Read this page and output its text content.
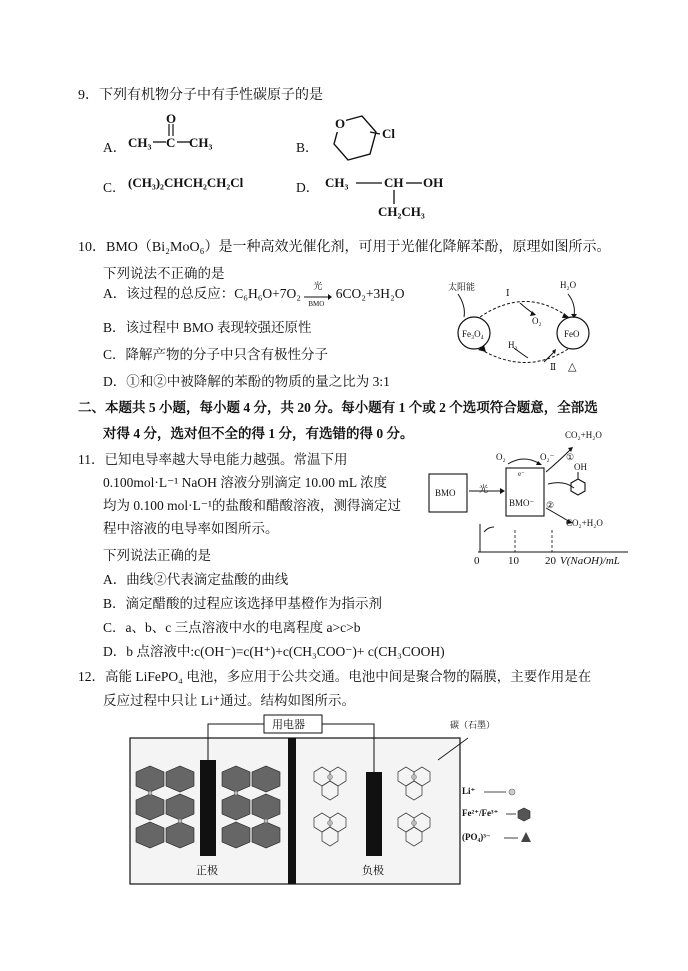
9．下列有机物分子中有手性碳原子的是
A． CH₃ C CH₃
O
B．
O
Cl
C． (CH₃)₂CHCH₂CH₂Cl	D． CH₃	CH OH
CH₂CH₃
10．BMO（Bi₂MoO₆）是一种高效光催化剂，可用于光催化降解苯酚，原理如图所示。
下列说法不正确的是
A．该过程的总反应：C₆H₆O+7O₂
光
BMO
6CO₂+3H₂O
B．该过程中 BMO 表现较强还原性
C．降解产物的分子中只含有极性分子
D．①和②中被降解的苯酚的物质的量之比为 3:1
太阳能
Ⅰ
H₂O
O₂
Fe₃O₄	FeO
H₂
Ⅱ △
二、本题共 5 小题，每小题 4 分，共 20 分。每小题有 1 个或 2 个选项符合题意，全部选
对得 4 分，选对但不全的得 1 分，有选错的得 0 分。
11．已知电导率越大导电能力越强。常温下用
0.100mol·L⁻¹ NaOH 溶液分别滴定 10.00 mL 浓度
均为 0.100 mol·L⁻¹的盐酸和醋酸溶液，测得滴定过
程中溶液的电导率如图所示。
下列说法正确的是
A．曲线②代表滴定盐酸的曲线
B．滴定醋酸的过程应该选择甲基橙作为指示剂
C．a、b、c 三点溶液中水的电离程度 a>c>b
D．b 点溶液中:c(OH⁻)=c(H⁺)+c(CH₃COO⁻)+ c(CH₃COOH)
CO₂+H₂O
O₂	O₂⁻ ①
OH
BMO	光
BMO⁻
e⁻
②
CO₂+H₂O
0	10 20 V(NaOH)/mL
12．高能 LiFePO₄ 电池，多应用于公共交通。电池中间是聚合物的隔膜，主要作用是在
反应过程中只让 Li⁺通过。结构如图所示。
用电器	碳（石墨）
正极	负极
Li⁺
Fe²⁺/Fe³⁺
(PO₄)³⁻
